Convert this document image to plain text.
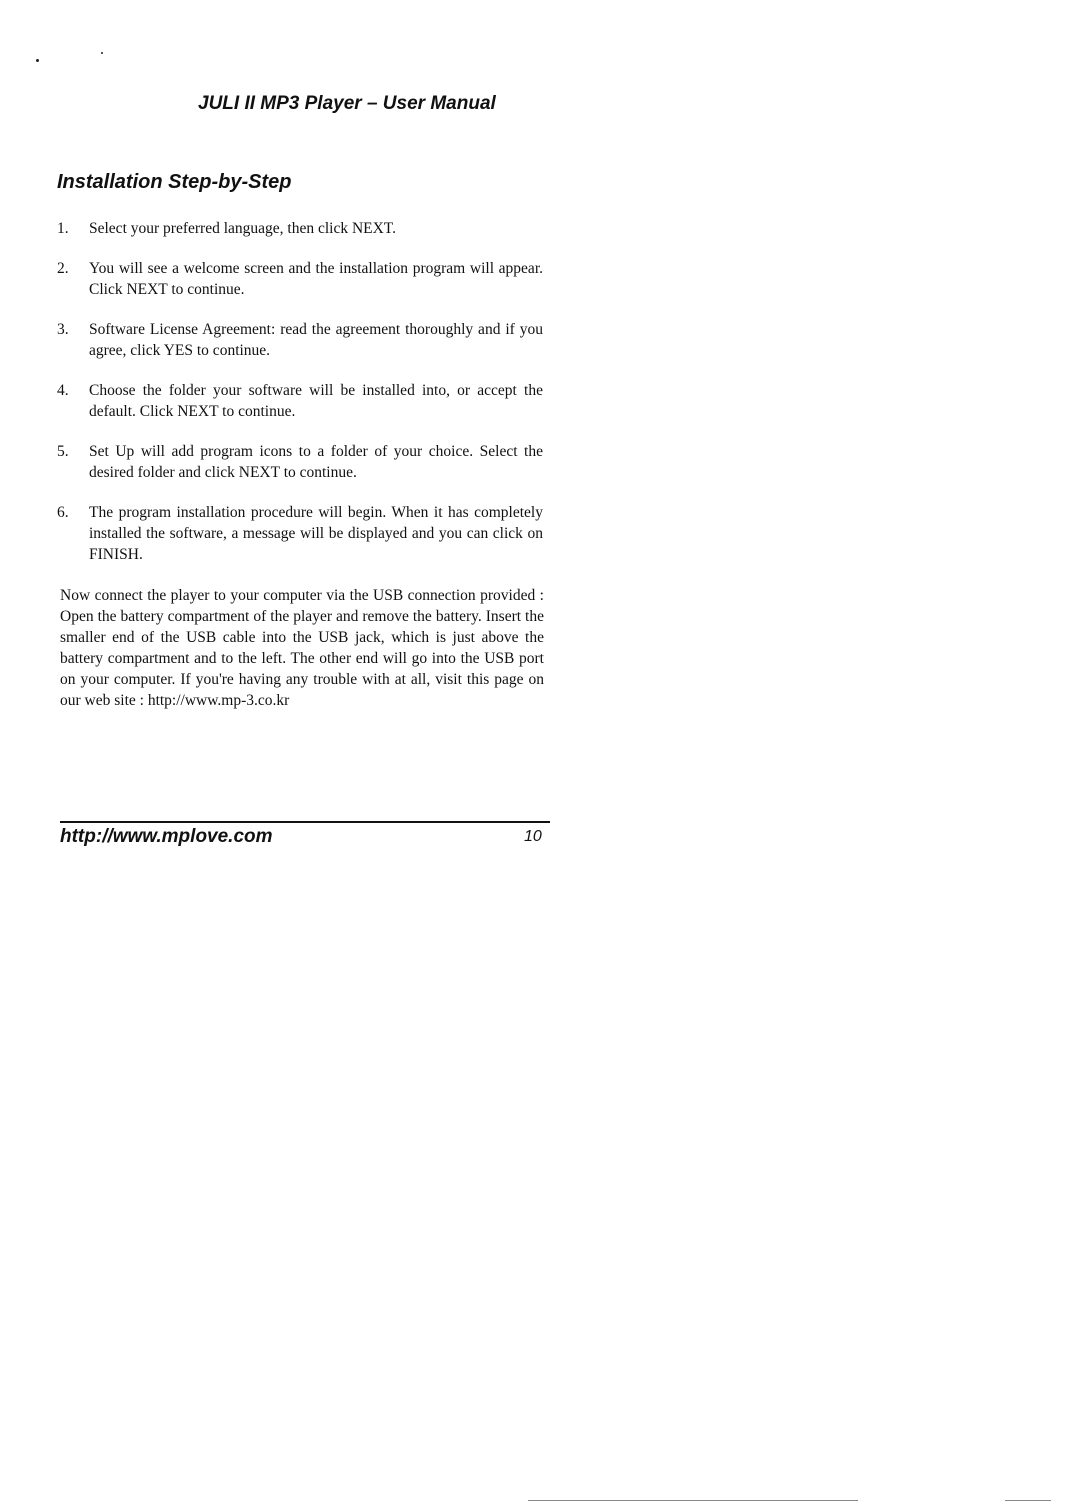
JULI II MP3 Player – User Manual
Installation Step-by-Step
1.	Select your preferred language, then click NEXT.
2.	You will see a welcome screen and the installation program will appear. Click NEXT to continue.
3.	Software License Agreement: read the agreement thoroughly and if you agree, click YES to continue.
4.	Choose the folder your software will be installed into, or accept the default. Click NEXT to continue.
5.	Set Up will add program icons to a folder of your choice. Select the desired folder and click NEXT to continue.
6.	The program installation procedure will begin. When it has completely installed the software, a message will be displayed and you can click on FINISH.

Now connect the player to your computer via the USB connection provided : Open the battery compartment of the player and remove the battery. Insert the smaller end of the USB cable into the USB jack, which is just above the battery compartment and to the left. The other end will go into the USB port on your computer. If you're having any trouble with at all, visit this page on our web site : http://www.mp-3.co.kr

http://www.mplove.com	10
